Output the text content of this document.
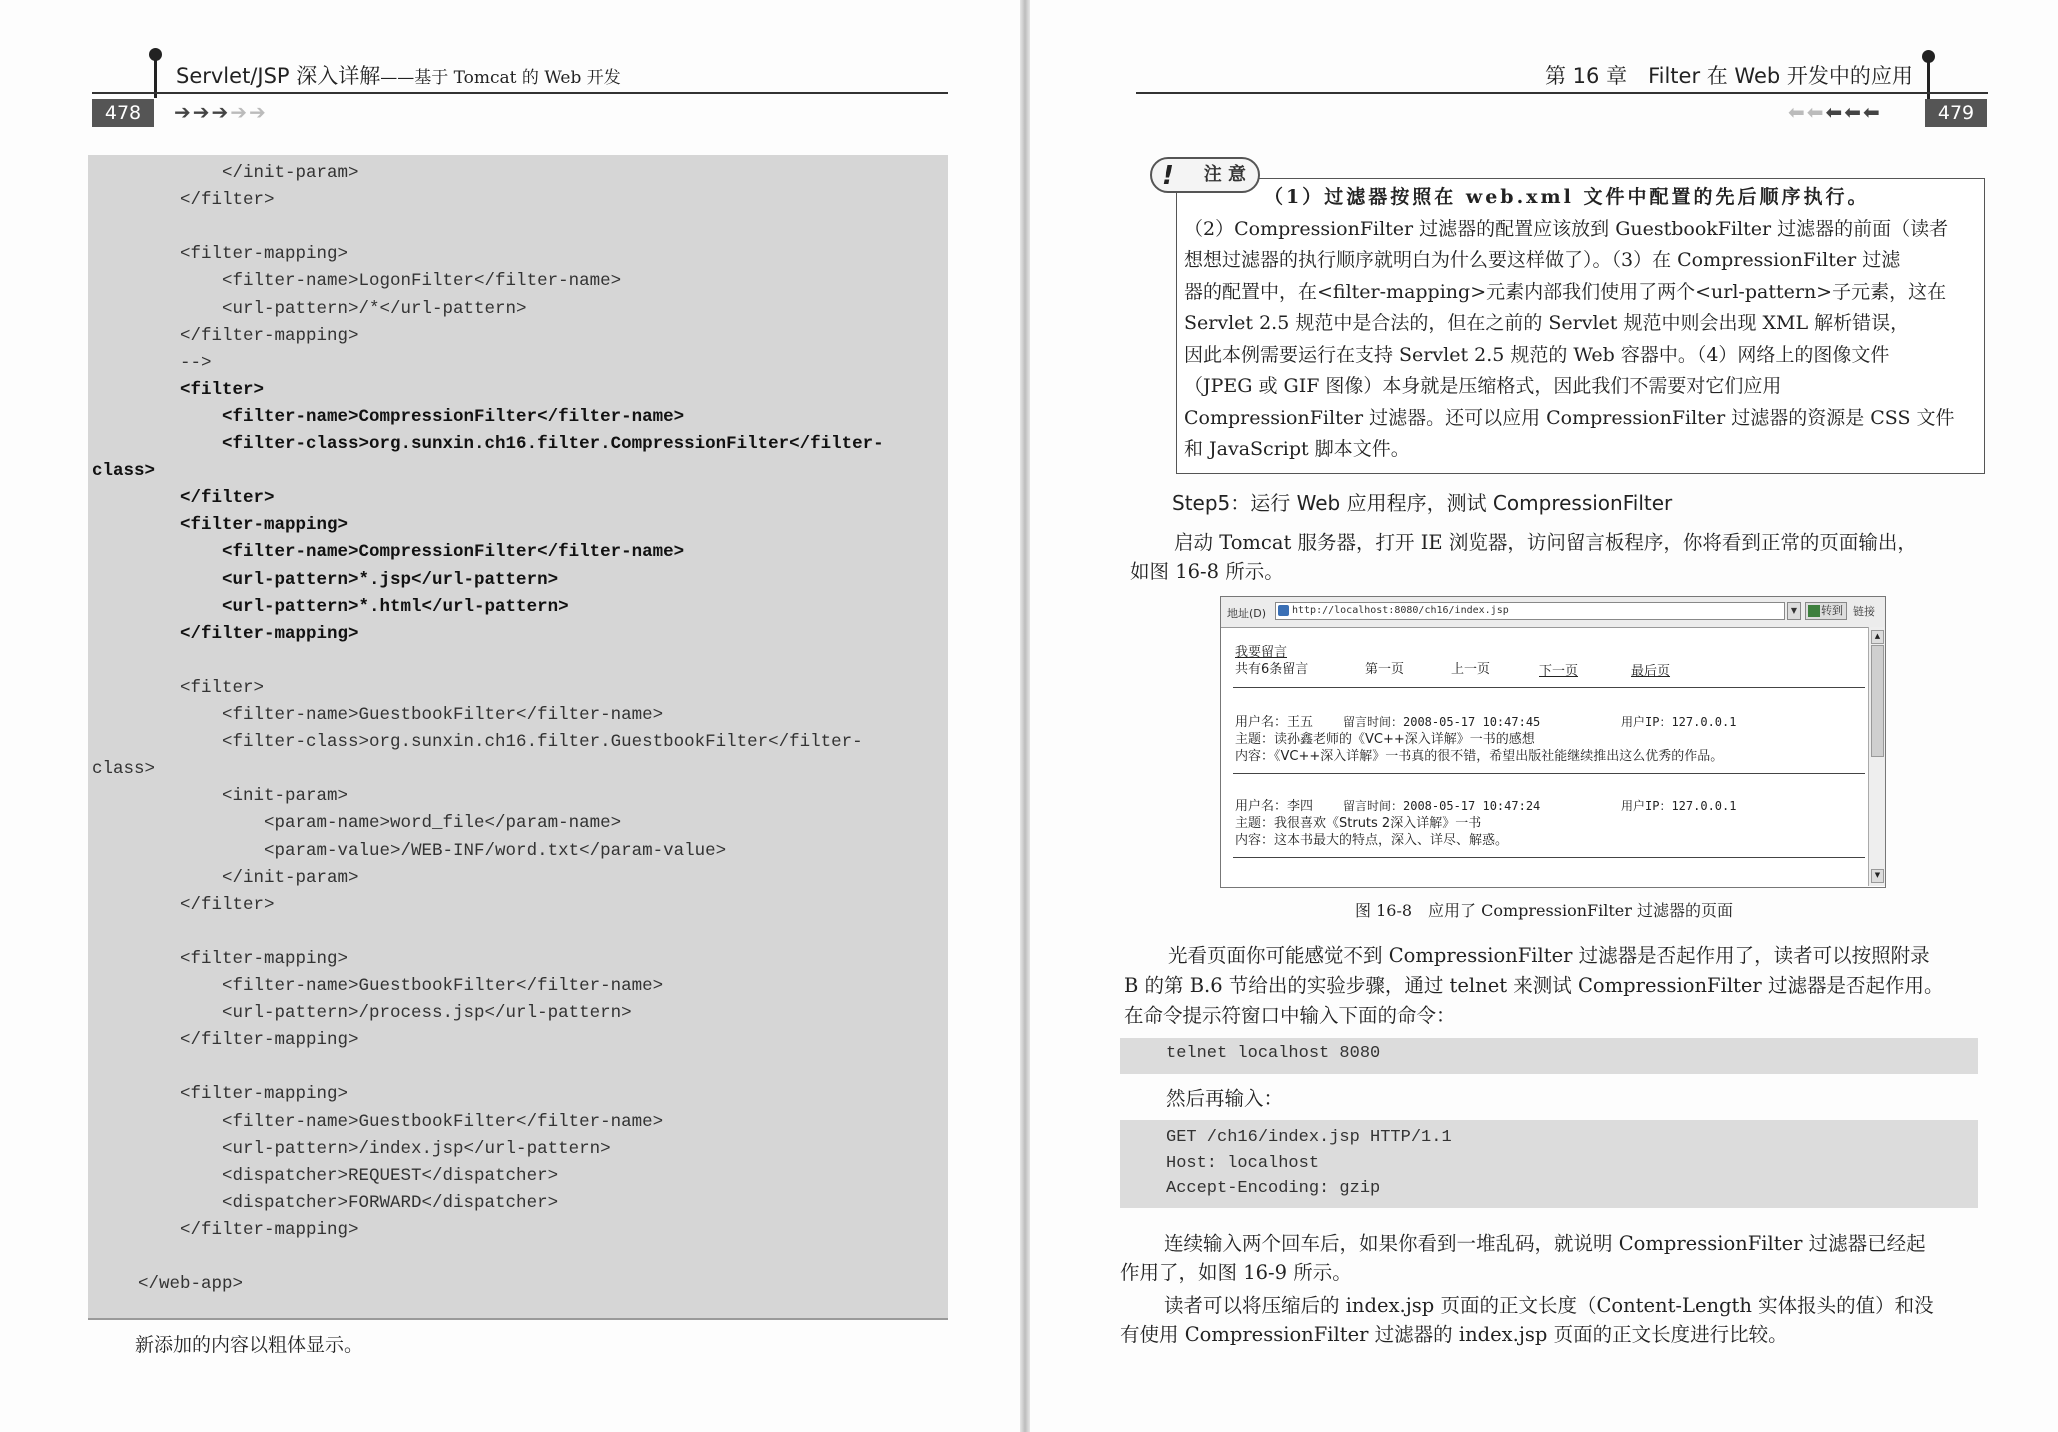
Servlet/JSP 深入详解——基于 Tomcat 的 Web 开发
478	➔➔➔➔➔
</init-param>
</filter>
<filter-mapping>
<filter-name>LogonFilter</filter-name>
<url-pattern>/*</url-pattern>
</filter-mapping>
-->
<filter>
<filter-name>CompressionFilter</filter-name>
<filter-class>org.sunxin.ch16.filter.CompressionFilter</filter-
class>
</filter>
<filter-mapping>
<filter-name>CompressionFilter</filter-name>
<url-pattern>*.jsp</url-pattern>
<url-pattern>*.html</url-pattern>
</filter-mapping>
<filter>
<filter-name>GuestbookFilter</filter-name>
<filter-class>org.sunxin.ch16.filter.GuestbookFilter</filter-
class>
<init-param>
<param-name>word_file</param-name>
<param-value>/WEB-INF/word.txt</param-value>
</init-param>
</filter>
<filter-mapping>
<filter-name>GuestbookFilter</filter-name>
<url-pattern>/process.jsp</url-pattern>
</filter-mapping>
<filter-mapping>
<filter-name>GuestbookFilter</filter-name>
<url-pattern>/index.jsp</url-pattern>
<dispatcher>REQUEST</dispatcher>
<dispatcher>FORWARD</dispatcher>
</filter-mapping>
</web-app>
新添加的内容以粗体显示。
第 16 章　Filter 在 Web 开发中的应用
⬅⬅⬅⬅⬅	479
! 注 意
（1）过滤器按照在 web.xml 文件中配置的先后顺序执行。
（2）CompressionFilter 过滤器的配置应该放到 GuestbookFilter 过滤器的前面（读者
想想过滤器的执行顺序就明白为什么要这样做了）。（3）在 CompressionFilter 过滤
器的配置中，在<filter-mapping>元素内部我们使用了两个<url-pattern>子元素，这在
Servlet 2.5 规范中是合法的，但在之前的 Servlet 规范中则会出现 XML 解析错误，
因此本例需要运行在支持 Servlet 2.5 规范的 Web 容器中。（4）网络上的图像文件
（JPEG 或 GIF 图像）本身就是压缩格式，因此我们不需要对它们应用
CompressionFilter 过滤器。还可以应用 CompressionFilter 过滤器的资源是 CSS 文件
和 JavaScript 脚本文件。
Step5：运行 Web 应用程序，测试 CompressionFilter
启动 Tomcat 服务器，打开 IE 浏览器，访问留言板程序，你将看到正常的页面输出，
如图 16-8 所示。
地址(D)	http://localhost:8080/ch16/index.jsp	▼	转到 链接
我要留言
共有6条留言	第一页	上一页	下一页	最后页
用户名：王五 留言时间：2008-05-17 10:47:45	用户IP：127.0.0.1
主题：读孙鑫老师的《VC++深入详解》一书的感想
内容：《VC++深入详解》一书真的很不错，希望出版社能继续推出这么优秀的作品。
用户名：李四 留言时间：2008-05-17 10:47:24	用户IP：127.0.0.1
主题：我很喜欢《Struts 2深入详解》一书
内容：这本书最大的特点，深入、详尽、解惑。
▲
▼
图 16-8　应用了 CompressionFilter 过滤器的页面
光看页面你可能感觉不到 CompressionFilter 过滤器是否起作用了，读者可以按照附录
B 的第 B.6 节给出的实验步骤，通过 telnet 来测试 CompressionFilter 过滤器是否起作用。
在命令提示符窗口中输入下面的命令：
telnet localhost 8080
然后再输入：
GET /ch16/index.jsp HTTP/1.1
Host: localhost
Accept-Encoding: gzip
连续输入两个回车后，如果你看到一堆乱码，就说明 CompressionFilter 过滤器已经起
作用了，如图 16-9 所示。
读者可以将压缩后的 index.jsp 页面的正文长度（Content-Length 实体报头的值）和没
有使用 CompressionFilter 过滤器的 index.jsp 页面的正文长度进行比较。
